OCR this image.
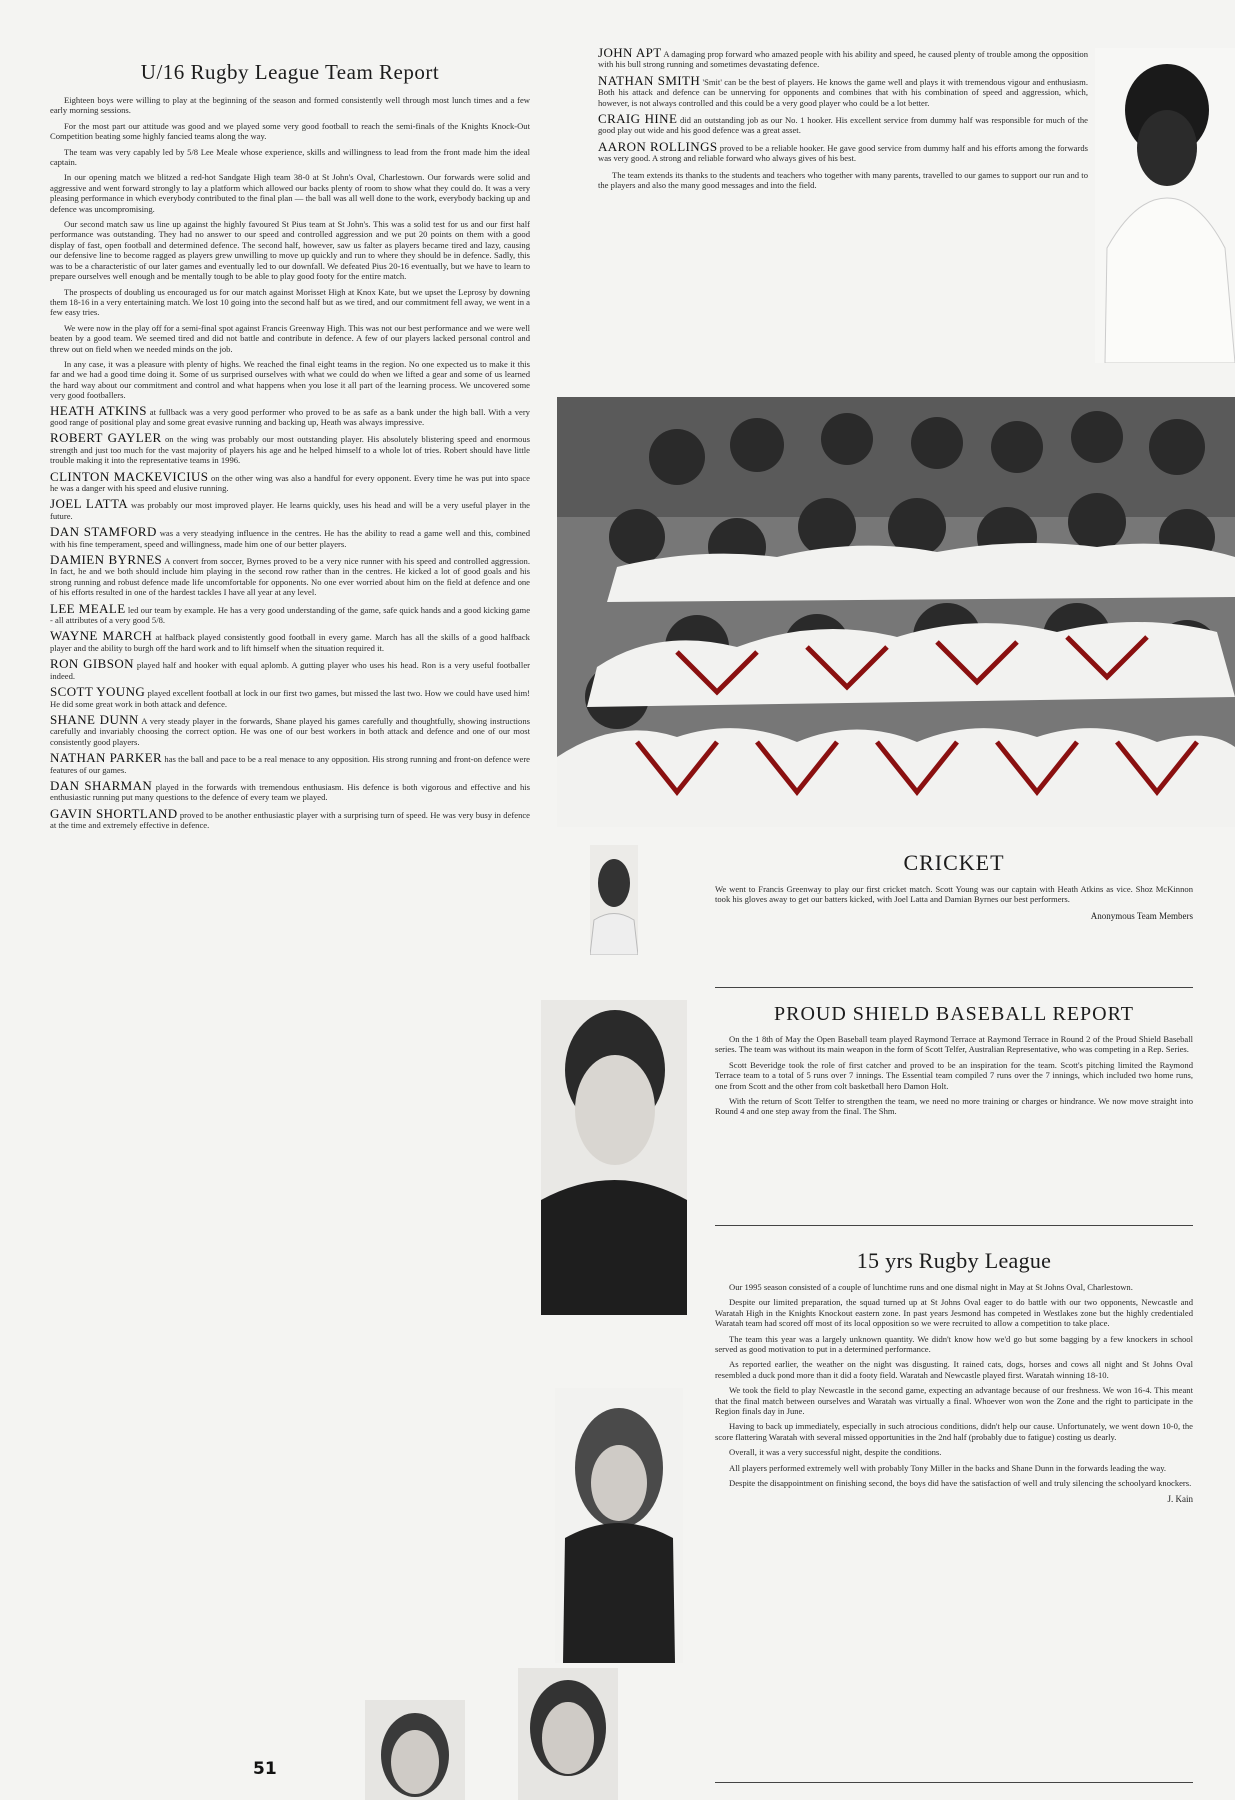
U/16 Rugby League Team Report

Eighteen boys were willing to play at the beginning of the season and formed consistently well through most lunch times and a few early morning sessions.

For the most part our attitude was good and we played some very good football to reach the semi-finals of the Knights Knock-Out Competition beating some highly fancied teams along the way.

The team was very capably led by 5/8 Lee Meale whose experience, skills and willingness to lead from the front made him the ideal captain.

In our opening match we blitzed a red-hot Sandgate High team 38-0 at St John's Oval, Charlestown. Our forwards were solid and aggressive and went forward strongly to lay a platform which allowed our backs plenty of room to show what they could do. It was a very pleasing performance in which everybody contributed to the final plan — the ball was all well done to the work, everybody backing up and defence was uncompromising.

Our second match saw us line up against the highly favoured St Pius team at St John's. This was a solid test for us and our first half performance was outstanding. They had no answer to our speed and controlled aggression and we put 20 points on them with a good display of fast, open football and determined defence. The second half, however, saw us falter as players became tired and lazy, causing our defensive line to become ragged as players grew unwilling to move up quickly and run to where they should be in defence. Sadly, this was to be a characteristic of our later games and eventually led to our downfall. We defeated Pius 20-16 eventually, but we have to learn to prepare ourselves well enough and be mentally tough to be able to play good footy for the entire match.

The prospects of doubling us encouraged us for our match against Morisset High at Knox Kate, but we upset the Leprosy by downing them 18-16 in a very entertaining match. We lost 10 going into the second half but as we tired, and our commitment fell away, we went in a few easy tries.

We were now in the play off for a semi-final spot against Francis Greenway High. This was not our best performance and we were well beaten by a good team. We seemed tired and did not battle and contribute in defence. A few of our players lacked personal control and threw out on field when we needed minds on the job.

In any case, it was a pleasure with plenty of highs. We reached the final eight teams in the region. No one expected us to make it this far and we had a good time doing it. Some of us surprised ourselves with what we could do when we lifted a gear and some of us learned the hard way about our commitment and control and what happens when you lose it all part of the learning process. We uncovered some very good footballers.

HEATH ATKINS at fullback was a very good performer who proved to be as safe as a bank under the high ball. With a very good range of positional play and some great evasive running and backing up, Heath was always impressive.

ROBERT GAYLER on the wing was probably our most outstanding player. His absolutely blistering speed and enormous strength and just too much for the vast majority of players his age and he helped himself to a whole lot of tries. Robert should have little trouble making it into the representative teams in 1996.

CLINTON MACKEVICIUS on the other wing was also a handful for every opponent. Every time he was put into space he was a danger with his speed and elusive running.

JOEL LATTA was probably our most improved player. He learns quickly, uses his head and will be a very useful player in the future.

DAN STAMFORD was a very steadying influence in the centres. He has the ability to read a game well and this, combined with his fine temperament, speed and willingness, made him one of our better players.

DAMIEN BYRNES A convert from soccer, Byrnes proved to be a very nice runner with his speed and controlled aggression. In fact, he and we both should include him playing in the second row rather than in the centres. He kicked a lot of good goals and his strong running and robust defence made life uncomfortable for opponents. No one ever worried about him on the field at defence and one of his efforts resulted in one of the hardest tackles I have all year at any level.

LEE MEALE led our team by example. He has a very good understanding of the game, safe quick hands and a good kicking game - all attributes of a very good 5/8.

WAYNE MARCH at halfback played consistently good football in every game. March has all the skills of a good halfback player and the ability to burgh off the hard work and to lift himself when the situation required it.

RON GIBSON played half and hooker with equal aplomb. A gutting player who uses his head. Ron is a very useful footballer indeed.

SCOTT YOUNG played excellent football at lock in our first two games, but missed the last two. How we could have used him! He did some great work in both attack and defence.

SHANE DUNN A very steady player in the forwards, Shane played his games carefully and thoughtfully, showing instructions carefully and invariably choosing the correct option. He was one of our best workers in both attack and defence and one of our most consistently good players.

NATHAN PARKER has the ball and pace to be a real menace to any opposition. His strong running and front-on defence were features of our games.

DAN SHARMAN played in the forwards with tremendous enthusiasm. His defence is both vigorous and effective and his enthusiastic running put many questions to the defence of every team we played.

GAVIN SHORTLAND proved to be another enthusiastic player with a surprising turn of speed. He was very busy in defence at the time and extremely effective in defence.

JOHN APT A damaging prop forward who amazed people with his ability and speed, he caused plenty of trouble among the opposition with his bull strong running and sometimes devastating defence.

NATHAN SMITH 'Smit' can be the best of players. He knows the game well and plays it with tremendous vigour and enthusiasm. Both his attack and defence can be unnerving for opponents and combines that with his combination of speed and aggression, which, however, is not always controlled and this could be a very good player who could be a lot better.

CRAIG HINE did an outstanding job as our No. 1 hooker. His excellent service from dummy half was responsible for much of the good play out wide and his good defence was a great asset.

AARON ROLLINGS proved to be a reliable hooker. He gave good service from dummy half and his efforts among the forwards was very good. A strong and reliable forward who always gives of his best.

The team extends its thanks to the students and teachers who together with many parents, travelled to our games to support our run and to the players and also the many good messages and into the field.

CRICKET

We went to Francis Greenway to play our first cricket match. Scott Young was our captain with Heath Atkins as vice. Shoz McKinnon took his gloves away to get our batters kicked, with Joel Latta and Damian Byrnes our best performers.

Anonymous Team Members
PROUD SHIELD BASEBALL REPORT

On the 1 8th of May the Open Baseball team played Raymond Terrace at Raymond Terrace in Round 2 of the Proud Shield Baseball series. The team was without its main weapon in the form of Scott Telfer, Australian Representative, who was competing in a Rep. Series.

Scott Beveridge took the role of first catcher and proved to be an inspiration for the team. Scott's pitching limited the Raymond Terrace team to a total of 5 runs over 7 innings. The Essential team compiled 7 runs over the 7 innings, which included two home runs, one from Scott and the other from colt basketball hero Damon Holt.

With the return of Scott Telfer to strengthen the team, we need no more training or charges or hindrance. We now move straight into Round 4 and one step away from the final. The Shm.

15 yrs Rugby League

Our 1995 season consisted of a couple of lunchtime runs and one dismal night in May at St Johns Oval, Charlestown.

Despite our limited preparation, the squad turned up at St Johns Oval eager to do battle with our two opponents, Newcastle and Waratah High in the Knights Knockout eastern zone. In past years Jesmond has competed in Westlakes zone but the highly credentialed Waratah team had scored off most of its local opposition so we were recruited to allow a competition to take place.

The team this year was a largely unknown quantity. We didn't know how we'd go but some bagging by a few knockers in school served as good motivation to put in a determined performance.

As reported earlier, the weather on the night was disgusting. It rained cats, dogs, horses and cows all night and St Johns Oval resembled a duck pond more than it did a footy field. Waratah and Newcastle played first. Waratah winning 18-10.

We took the field to play Newcastle in the second game, expecting an advantage because of our freshness. We won 16-4. This meant that the final match between ourselves and Waratah was virtually a final. Whoever won won the Zone and the right to participate in the Region finals day in June.

Having to back up immediately, especially in such atrocious conditions, didn't help our cause. Unfortunately, we went down 10-0, the score flattering Waratah with several missed opportunities in the 2nd half (probably due to fatigue) costing us dearly.

Overall, it was a very successful night, despite the conditions.

All players performed extremely well with probably Tony Miller in the backs and Shane Dunn in the forwards leading the way.

Despite the disappointment on finishing second, the boys did have the satisfaction of well and truly silencing the schoolyard knockers.

J. Kain
51
